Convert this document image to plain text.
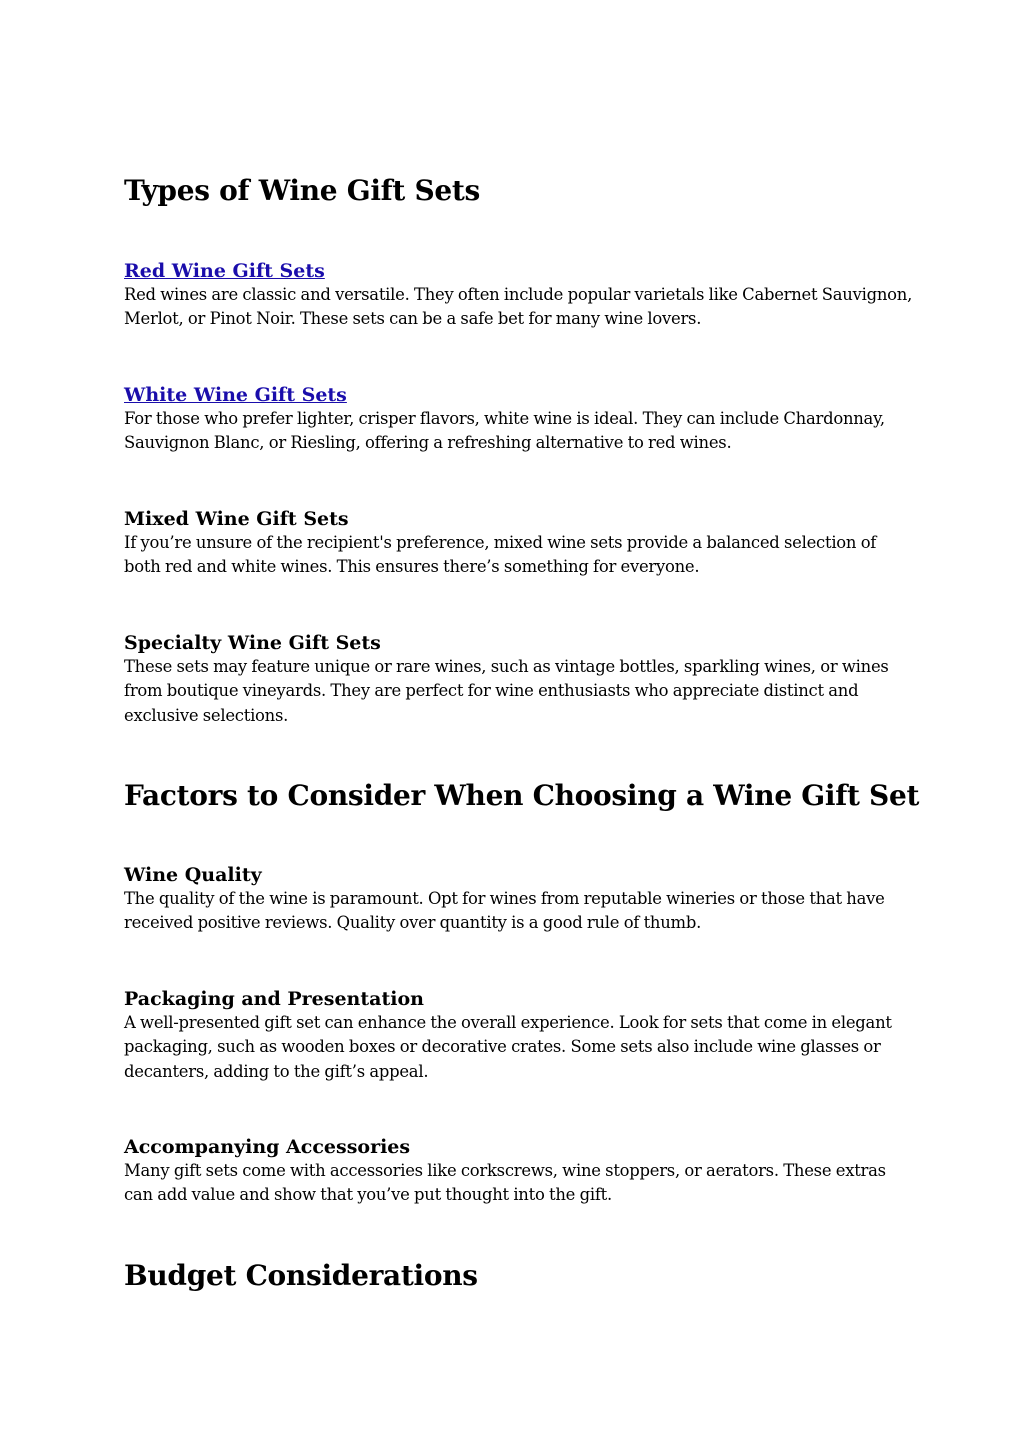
Types of Wine Gift Sets
Red Wine Gift Sets

Red wines are classic and versatile. They often include popular varietals like Cabernet Sauvignon, Merlot, or Pinot Noir. These sets can be a safe bet for many wine lovers.

White Wine Gift Sets

For those who prefer lighter, crisper flavors, white wine is ideal. They can include Chardonnay, Sauvignon Blanc, or Riesling, offering a refreshing alternative to red wines.

Mixed Wine Gift Sets

If you’re unsure of the recipient's preference, mixed wine sets provide a balanced selection of both red and white wines. This ensures there’s something for everyone.

Specialty Wine Gift Sets

These sets may feature unique or rare wines, such as vintage bottles, sparkling wines, or wines from boutique vineyards. They are perfect for wine enthusiasts who appreciate distinct and exclusive selections.

Factors to Consider When Choosing a Wine Gift Set
Wine Quality

The quality of the wine is paramount. Opt for wines from reputable wineries or those that have received positive reviews. Quality over quantity is a good rule of thumb.

Packaging and Presentation

A well-presented gift set can enhance the overall experience. Look for sets that come in elegant packaging, such as wooden boxes or decorative crates. Some sets also include wine glasses or decanters, adding to the gift’s appeal.

Accompanying Accessories

Many gift sets come with accessories like corkscrews, wine stoppers, or aerators. These extras can add value and show that you’ve put thought into the gift.

Budget Considerations
